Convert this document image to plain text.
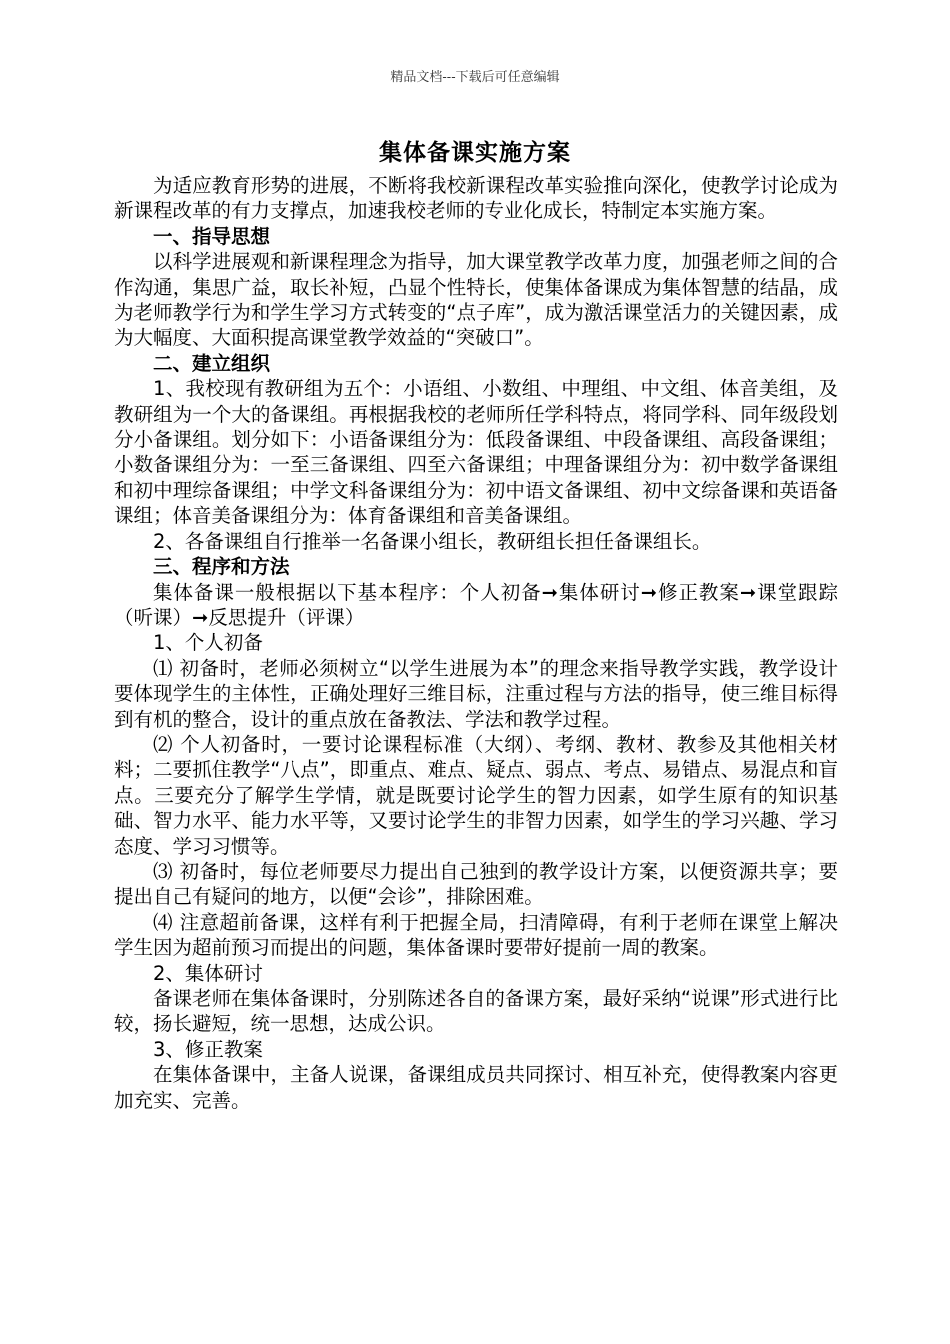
精品文档---下载后可任意编辑
集体备课实施方案

为适应教育形势的进展，不断将我校新课程改革实验推向深化，使教学讨论成为新课程改革的有力支撑点，加速我校老师的专业化成长，特制定本实施方案。

一、指导思想

以科学进展观和新课程理念为指导，加大课堂教学改革力度，加强老师之间的合作沟通，集思广益，取长补短，凸显个性特长，使集体备课成为集体智慧的结晶，成为老师教学行为和学生学习方式转变的“点子库”，成为激活课堂活力的关键因素，成为大幅度、大面积提高课堂教学效益的“突破口”。

二、建立组织

1、我校现有教研组为五个：小语组、小数组、中理组、中文组、体音美组，及教研组为一个大的备课组。再根据我校的老师所任学科特点，将同学科、同年级段划分小备课组。划分如下：小语备课组分为：低段备课组、中段备课组、高段备课组；小数备课组分为：一至三备课组、四至六备课组；中理备课组分为：初中数学备课组和初中理综备课组；中学文科备课组分为：初中语文备课组、初中文综备课和英语备课组；体音美备课组分为：体育备课组和音美备课组。

2、各备课组自行推举一名备课小组长，教研组长担任备课组长。

三、程序和方法

集体备课一般根据以下基本程序：个人初备➞集体研讨➞修正教案➞课堂跟踪（听课）➞反思提升（评课）

1、个人初备

⑴ 初备时，老师必须树立“以学生进展为本”的理念来指导教学实践，教学设计要体现学生的主体性，正确处理好三维目标，注重过程与方法的指导，使三维目标得到有机的整合，设计的重点放在备教法、学法和教学过程。

⑵ 个人初备时，一要讨论课程标准（大纲）、考纲、教材、教参及其他相关材料；二要抓住教学“八点”，即重点、难点、疑点、弱点、考点、易错点、易混点和盲点。三要充分了解学生学情，就是既要讨论学生的智力因素，如学生原有的知识基础、智力水平、能力水平等，又要讨论学生的非智力因素，如学生的学习兴趣、学习态度、学习习惯等。

⑶ 初备时，每位老师要尽力提出自己独到的教学设计方案，以便资源共享；要提出自己有疑问的地方，以便“会诊”，排除困难。

⑷ 注意超前备课，这样有利于把握全局，扫清障碍，有利于老师在课堂上解决学生因为超前预习而提出的问题，集体备课时要带好提前一周的教案。

2、集体研讨

备课老师在集体备课时，分别陈述各自的备课方案，最好采纳“说课”形式进行比较，扬长避短，统一思想，达成公识。

3、修正教案

在集体备课中，主备人说课，备课组成员共同探讨、相互补充，使得教案内容更加充实、完善。
